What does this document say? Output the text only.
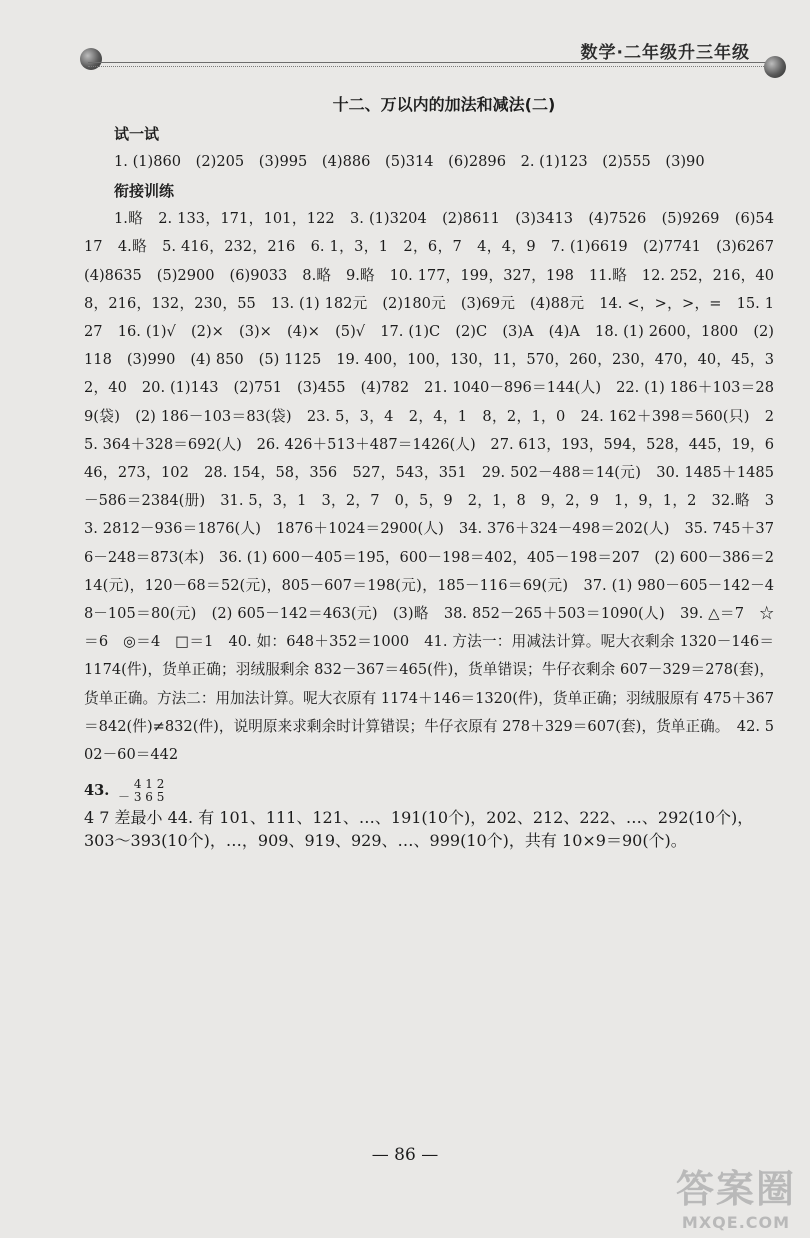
数学·二年级升三年级
十二、万以内的加法和减法(二)
试一试

1. (1)860　(2)205　(3)995　(4)886　(5)314　(6)2896　2. (1)123　(2)555　(3)90

衔接训练

1.略　2. 133，171，101，122　3. (1)3204　(2)8611　(3)3413　(4)7526　(5)9269　(6)5417　4.略　5. 416，232，216　6. 1，3，1　2，6，7　4，4，9　7. (1)6619　(2)7741　(3)6267　(4)8635　(5)2900　(6)9033　8.略　9.略　10. 177，199，327，198　11.略　12. 252，216，408，216，132，230，55　13. (1) 182元　(2)180元　(3)69元　(4)88元　14. <，>，>，=　15. 127　16. (1)√　(2)×　(3)×　(4)×　(5)√　17. (1)C　(2)C　(3)A　(4)A　18. (1) 2600，1800　(2) 118　(3)990　(4) 850　(5) 1125　19. 400，100，130，11，570，260，230，470，40，45，32，40　20. (1)143　(2)751　(3)455　(4)782　21. 1040－896＝144(人)　22. (1) 186＋103＝289(袋)　(2) 186－103＝83(袋)　23. 5，3，4　2，4，1　8，2，1，0　24. 162＋398＝560(只)　25. 364＋328＝692(人)　26. 426＋513＋487＝1426(人)　27. 613，193，594，528，445，19，646，273，102　28. 154，58，356　527，543，351　29. 502－488＝14(元)　30. 1485＋1485－586＝2384(册)　31. 5，3，1　3，2，7　0，5，9　2，1，8　9，2，9　1，9，1，2　32.略　33. 2812－936＝1876(人)　1876＋1024＝2900(人)　34. 376＋324－498＝202(人)　35. 745＋376－248＝873(本)　36. (1) 600－405＝195，600－198＝402，405－198＝207　(2) 600－386＝214(元)，120－68＝52(元)，805－607＝198(元)，185－116＝69(元)　37. (1) 980－605－142－48－105＝80(元)　(2) 605－142＝463(元)　(3)略　38. 852－265＋503＝1090(人)　39. △＝7　☆＝6　◎＝4　□＝1　40. 如：648＋352＝1000　41. 方法一：用减法计算。呢大衣剩余 1320－146＝1174(件)，货单正确；羽绒服剩余 832－367＝465(件)，货单错误；牛仔衣剩余 607－329＝278(套)，货单正确。方法二：用加法计算。呢大衣原有 1174＋146＝1320(件)，货单正确；羽绒服原有 475＋367＝842(件)≠832(件)，说明原来求剩余时计算错误；牛仔衣原有 278＋329＝607(套)，货单正确。　42. 502－60＝442

43. 4 1 2
－ 3 6 5

4 7 差最小 44. 有 101、111、121、…、191(10个)，202、212、222、…、292(10个)，303～393(10个)，…，909、919、929、…、999(10个)，共有 10×9＝90(个)。

— 86 —
答案圈
MXQE.COM
